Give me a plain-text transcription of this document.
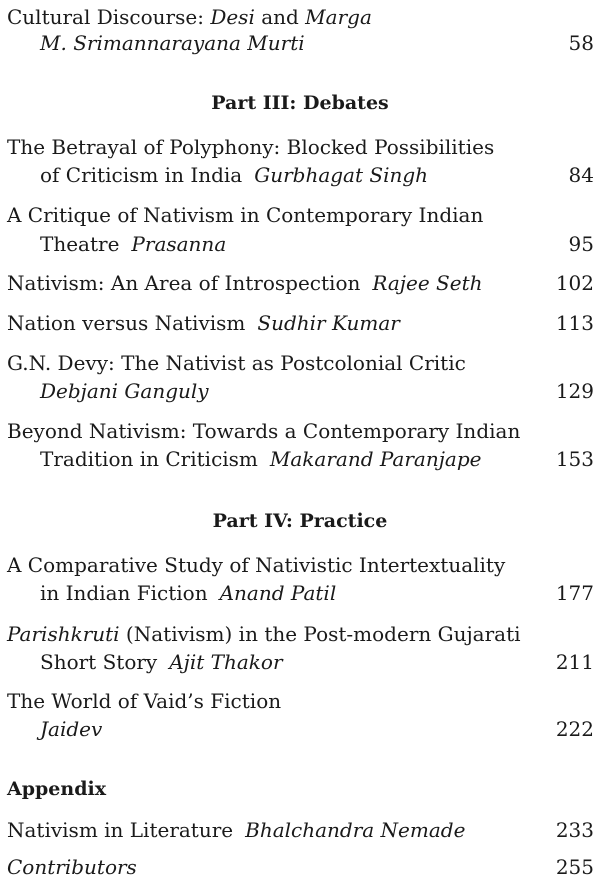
Cultural Discourse: Desi and Marga
M. Srimannarayana Murti	58
Part III: Debates
The Betrayal of Polyphony: Blocked Possibilities
of Criticism in India Gurbhagat Singh	84
A Critique of Nativism in Contemporary Indian
Theatre Prasanna	95
Nativism: An Area of Introspection Rajee Seth	102
Nation versus Nativism Sudhir Kumar	113
G.N. Devy: The Nativist as Postcolonial Critic
Debjani Ganguly	129
Beyond Nativism: Towards a Contemporary Indian
Tradition in Criticism Makarand Paranjape	153
Part IV: Practice
A Comparative Study of Nativistic Intertextuality
in Indian Fiction Anand Patil	177
Parishkruti (Nativism) in the Post-modern Gujarati
Short Story Ajit Thakor	211
The World of Vaid’s Fiction
Jaidev	222
Appendix
Nativism in Literature Bhalchandra Nemade	233
Contributors	255
